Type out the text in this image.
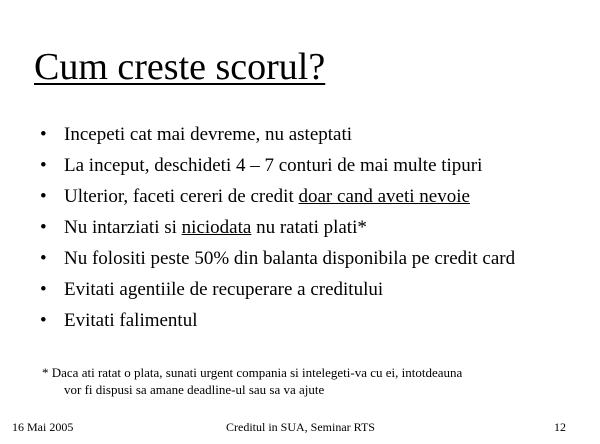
Cum creste scorul?
• Incepeti cat mai devreme, nu asteptati
• La inceput, deschideti 4 – 7 conturi de mai multe tipuri
• Ulterior, faceti cereri de credit doar cand aveti nevoie
• Nu intarziati si niciodata nu ratati plati*
• Nu folositi peste 50% din balanta disponibila pe credit card
• Evitati agentiile de recuperare a creditului
• Evitati falimentul
* Daca ati ratat o plata, sunati urgent compania si intelegeti-va cu ei, intotdeauna
vor fi dispusi sa amane deadline-ul sau sa va ajute
16 Mai 2005	Creditul in SUA, Seminar RTS	12
